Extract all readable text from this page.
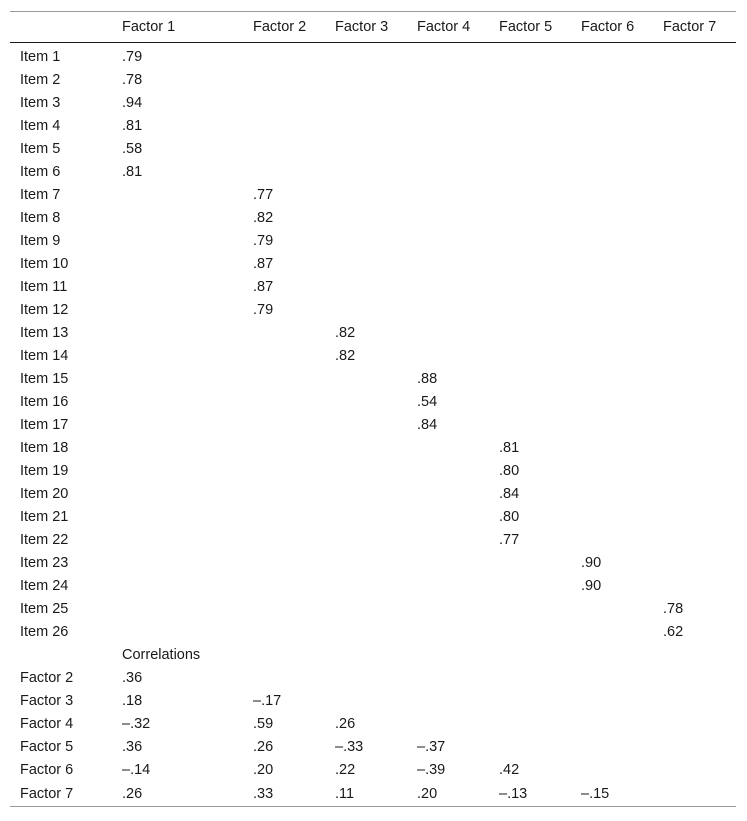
	Factor 1	Factor 2	Factor 3	Factor 4	Factor 5	Factor 6	Factor 7
Item 1	.79						
Item 2	.78						
Item 3	.94						
Item 4	.81						
Item 5	.58						
Item 6	.81						
Item 7		.77					
Item 8		.82					
Item 9		.79					
Item 10		.87					
Item 11		.87					
Item 12		.79					
Item 13			.82				
Item 14			.82				
Item 15				.88			
Item 16				.54			
Item 17				.84			
Item 18					.81		
Item 19					.80		
Item 20					.84		
Item 21					.80		
Item 22					.77		
Item 23						.90	
Item 24						.90	
Item 25							.78
Item 26							.62
	Correlations						
Factor 2	.36						
Factor 3	.18	–.17					
Factor 4	–.32	.59	.26				
Factor 5	.36	.26	–.33	–.37			
Factor 6	–.14	.20	.22	–.39	.42		
Factor 7	.26	.33	.11	.20	–.13	–.15	
